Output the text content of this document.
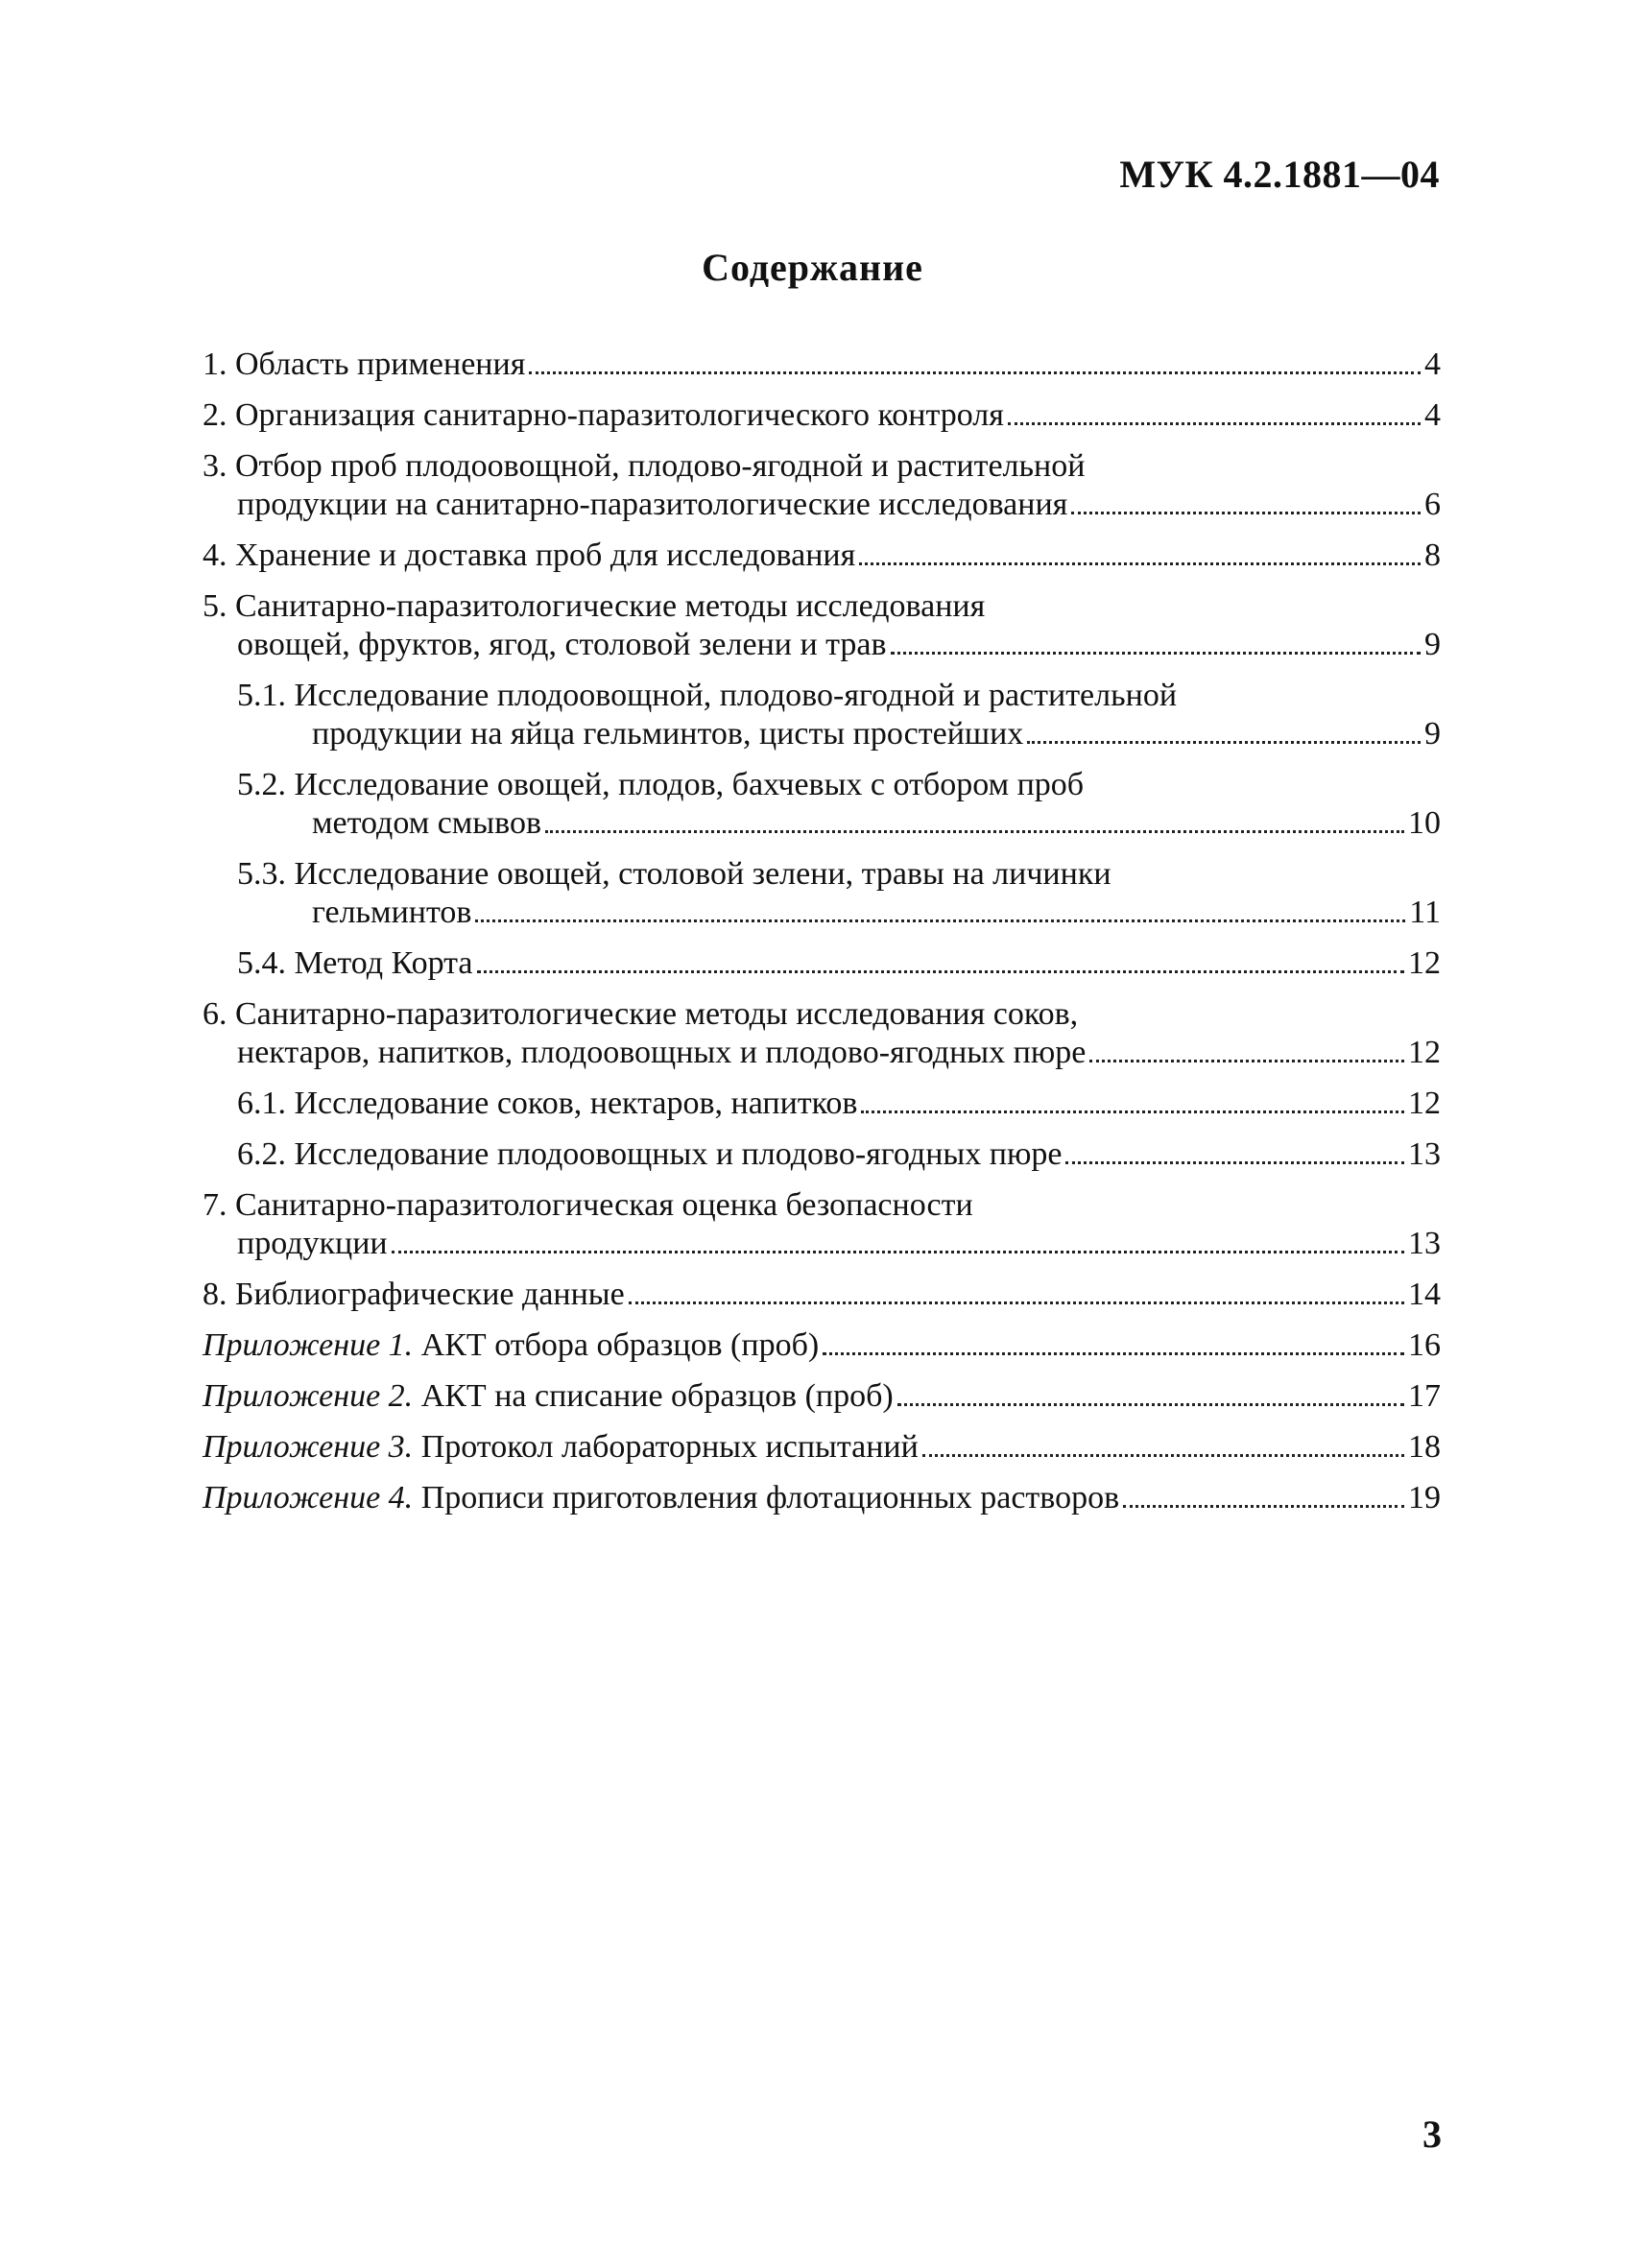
МУК 4.2.1881—04
Содержание
1. Область применения	4
2. Организация санитарно-паразитологического контроля	4
3. Отбор проб плодоовощной, плодово-ягодной и растительной
продукции на санитарно-паразитологические исследования	6
4. Хранение и доставка проб для исследования	8
5. Санитарно-паразитологические методы исследования
овощей, фруктов, ягод, столовой зелени и трав	9
5.1. Исследование плодоовощной, плодово-ягодной и растительной
продукции на яйца гельминтов, цисты простейших	9
5.2. Исследование овощей, плодов, бахчевых с отбором проб
методом смывов	10
5.3. Исследование овощей, столовой зелени, травы на личинки
гельминтов	11
5.4. Метод Корта	12
6. Санитарно-паразитологические методы исследования соков,
нектаров, напитков, плодоовощных и плодово-ягодных пюре	12
6.1. Исследование соков, нектаров, напитков	12
6.2. Исследование плодоовощных и плодово-ягодных пюре	13
7. Санитарно-паразитологическая оценка безопасности
продукции	13
8. Библиографические данные	14
Приложение 1. АКТ отбора образцов (проб)	16
Приложение 2. АКТ на списание образцов (проб)	17
Приложение 3. Протокол лабораторных испытаний	18
Приложение 4. Прописи приготовления флотационных растворов	19
3
